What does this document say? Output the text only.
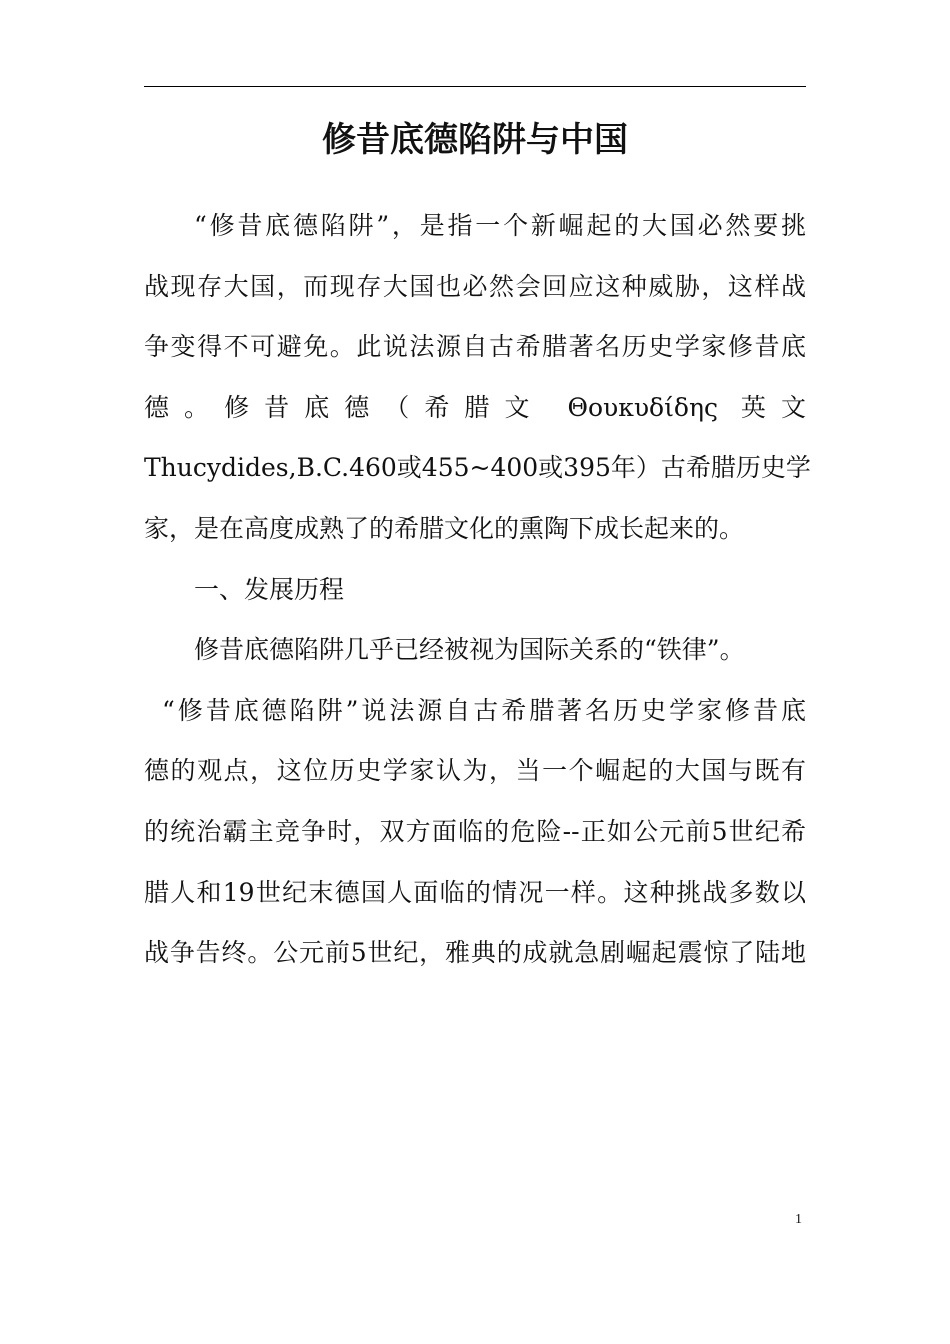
修昔底德陷阱与中国
“修昔底德陷阱”，是指一个新崛起的大国必然要挑
战现存大国，而现存大国也必然会回应这种威胁，这样战
争变得不可避免。此说法源自古希腊著名历史学家修昔底
德。修昔底德（希腊文 Θουκυδίδης 英文
Thucydides,B.C.460或455~400或395年）古希腊历史学
家，是在高度成熟了的希腊文化的熏陶下成长起来的。
一、发展历程
修昔底德陷阱几乎已经被视为国际关系的“铁律”。
“修昔底德陷阱”说法源自古希腊著名历史学家修昔底
德的观点，这位历史学家认为，当一个崛起的大国与既有
的统治霸主竞争时，双方面临的危险--正如公元前5世纪希
腊人和19世纪末德国人面临的情况一样。这种挑战多数以
战争告终。公元前5世纪，雅典的成就急剧崛起震惊了陆地
1
